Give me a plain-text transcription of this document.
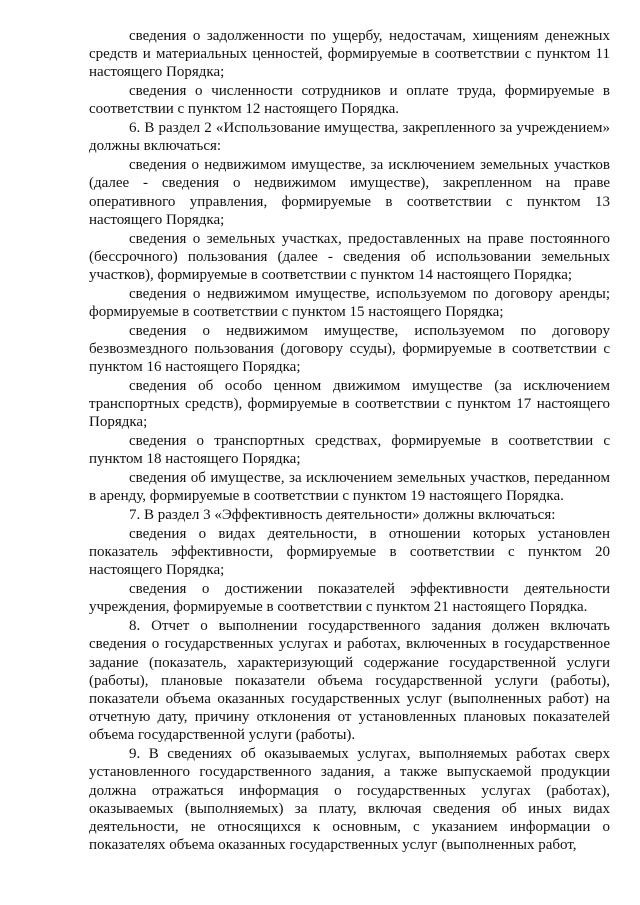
сведения о задолженности по ущербу, недостачам, хищениям денежных средств и материальных ценностей, формируемые в соответствии с пунктом 11 настоящего Порядка;

сведения о численности сотрудников и оплате труда, формируемые в соответствии с пунктом 12 настоящего Порядка.

6. В раздел 2 «Использование имущества, закрепленного за учреждением» должны включаться:

сведения о недвижимом имуществе, за исключением земельных участков (далее - сведения о недвижимом имуществе), закрепленном на праве оперативного управления, формируемые в соответствии с пунктом 13 настоящего Порядка;

сведения о земельных участках, предоставленных на праве постоянного (бессрочного) пользования (далее - сведения об использовании земельных участков), формируемые в соответствии с пунктом 14 настоящего Порядка;

сведения о недвижимом имуществе, используемом по договору аренды; формируемые в соответствии с пунктом 15 настоящего Порядка;

сведения о недвижимом имуществе, используемом по договору безвозмездного пользования (договору ссуды), формируемые в соответствии с пунктом 16 настоящего Порядка;

сведения об особо ценном движимом имуществе (за исключением транспортных средств), формируемые в соответствии с пунктом 17 настоящего Порядка;

сведения о транспортных средствах, формируемые в соответствии с пунктом 18 настоящего Порядка;

сведения об имуществе, за исключением земельных участков, переданном в аренду, формируемые в соответствии с пунктом 19 настоящего Порядка.

7. В раздел 3 «Эффективность деятельности» должны включаться:

сведения о видах деятельности, в отношении которых установлен показатель эффективности, формируемые в соответствии с пунктом 20 настоящего Порядка;

сведения о достижении показателей эффективности деятельности учреждения, формируемые в соответствии с пунктом 21 настоящего Порядка.

8. Отчет о выполнении государственного задания должен включать сведения о государственных услугах и работах, включенных в государственное задание (показатель, характеризующий содержание государственной услуги (работы), плановые показатели объема государственной услуги (работы), показатели объема оказанных государственных услуг (выполненных работ) на отчетную дату, причину отклонения от установленных плановых показателей объема государственной услуги (работы).

9. В сведениях об оказываемых услугах, выполняемых работах сверх установленного государственного задания, а также выпускаемой продукции должна отражаться информация о государственных услугах (работах), оказываемых (выполняемых) за плату, включая сведения об иных видах деятельности, не относящихся к основным, с указанием информации о показателях объема оказанных государственных услуг (выполненных работ,
